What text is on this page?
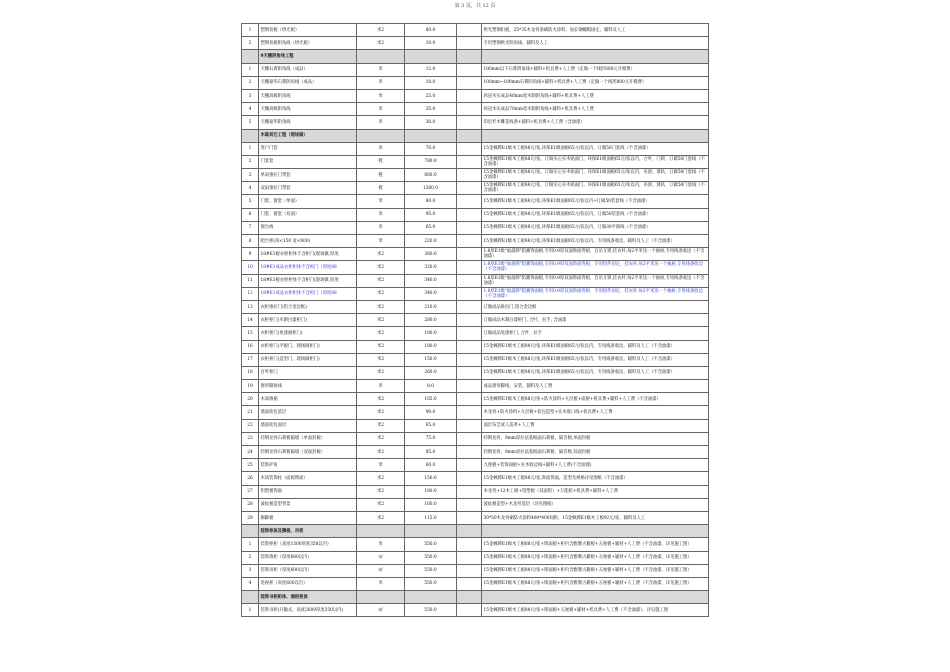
第 3 页，共 12 页
1	塑钢扣板（烘光板）	米2	80.0		烘光塑钢扣板，25*35木龙骨条刷防火涂料，加长钢螺帽固定，辅料及人工
2	塑钢扣板阴角线（烘光板）	米2	10.0		专用塑钢烘光阴角线、辅料及人工
	9天棚阴角线工程				
1	天棚石膏阴角线（成品）	米	12.0		100mm以下石膏阴角线+辅料+机具费+人工费（定做一个线形800元开模费）
2	天棚豪华石膏阴角线（成品）	米	18.0		100mm~180mm石膏阴角线+辅料+机具费+人工费（定做一个线形800元开模费）
3	天棚高级阴角线	米	25.0		鸡冠木实成品40mm宽木制阴角线+辅料+机具费+人工费
4	天棚高级阴角线	米	35.0		鸡冠木实成品70mm宽木制阴角线+辅料+机具费+人工费
5	天棚豪华阴角线	米	30.0		印尼杉木雕花线条+辅料+机具费+人工费（含油漆）
	木做其它工程（现场做）				
1	进户门套	米	70.0		15金枫牌E1级木工板88元/张,环保E1级面板65元/张以内，订做50门套线（不含油漆）
2	门套套	樘	780.0		15金枫牌E1级木工板88元/张，订做实心实木贴面门，环保E1级面板65元/张以内，合叶、门锁、订做50门套线（不含油漆）
3	单扇推拉门带套	樘	880.0		15金枫牌E1级木工板88元/张，订做实心实木贴面门，环保E1级面板65元/张以内，吊滑、滑轨、订做50门套线（不含油漆）
4	双扇推拉门带套	樘	1380.0		15金枫牌E1级木工板88元/张，订做实心实木贴面门，环保E1级面板65元/张以内，吊滑、滑轨、订做50门套线（不含油漆）
5	门套、窗套（单面）	米	80.0		15金枫牌E1级木工板88元/张,环保E1级面板65元/张以内+订做50装套线（不含油漆）
6	门套、窗套（双面）	米	95.0		15金枫牌E1级木工板88元/张,环保E1级面板65元/张以内，订做50装套线（不含油漆）
7	窗台线	米	65.0		15金枫牌E1级木工板88元/张,环保E1级面板65元/张以内，订做30平圆线（不含油漆）
8	吧台柜(高<150 宽<600)	米	220.0		15金枫牌E1级木工板88元/张,环保E1级面板65元/张以内，专用线条收边，辅料及人工（不含油漆）
9	18#E1板衣柜柜体不含柜门(现场做,厚度	米2	380.0		1.8厚E1级"福晟牌"防潮饰面板,专用0.9厚双面饰面背板，自吊互锁,挂衣杆,每2平米送一个抽屉,专用线条收边（不含油漆）
10	18#E1成品衣柜柜体不含柜门（厚度88	米2	320.0		1.8厚E1级"福晟牌"防潮饰面板,专用0.9厚双面饰面背板，专用铝件固定，挂衣杆,每2平米送一个抽屉,专用线条收边（不含油漆）
11	18#E1板衣柜柜体不含柜门(现场做,厚度	米2	340.0		1.8厚E1级"福晟牌"防潮饰面板,专用0.9厚双面饰面背板，自吊互锁,挂衣杆,每2平米送一个抽屉,专用线条收边（不含油漆）
12	18#E1成品衣柜柜体不含柜门（厚度88	米2	340.0		1.8厚E1级"福晟牌"防潮饰面板,专用0.9厚双面饰面背板，专用铝件固定，挂衣杆,每2平米送一个抽屉,专用线条收边（不含油漆）
13	衣柜推拉门(铝合金边框)	米2	210.0		订做成品推拉门,铝合金边框
14	衣柜柜门(木制白漆柜门)	米2	280.0		订做成品木制白漆柜门, 合叶、拉手, 含油漆
15	衣柜柜门(免漆板柜门)	米2	180.0		订做成品免漆柜门, 合叶、拉手
16	衣柜柜门(平板门，现场做柜门)	米2	180.0		15金枫牌E1级木工板88元/张,环保E1级面板65元/张以内，专用线条收边，辅料及人工（不含油漆）
17	衣柜柜门(造型门，现场做柜门)	米2	150.0		15金枫牌E1级木工板88元/张,环保E1级面板65元/张以内，专用线条收边，辅料及人工（不含油漆）
18	百叶柜门	米2	260.0		15金枫牌E1级木工板88元/张,环保E1级面板65元/张以内，专用线条收边，辅料及人工（不含油漆）
19	窗帘脚角线	米	8.0		成品窗帘脚线、安装、辅料及人工费
20	木质墙裙	米2	185.0		15金枫牌E1级木工板88元/张+防火涂料+九层板+面板+机具费+辅料+人工费（不含油漆）
21	墙面软包基层	米2	90.0		木龙骨+防火涂料+九层板+软包造型+实木收口线+机具费+人工费
22	墙面软包面层	米2	65.0		面层布艺或人造革+人工费
23	轻钢龙骨石膏板隔墙（单面封板）	米2	75.0		轻钢龙骨，9mm厚拉法基纸面石膏板，隔音棉,单面封板
24	轻钢龙骨石膏板隔墙（双面封板）	米2	85.0		轻钢龙骨，9mm厚拉法基纸面石膏板，隔音棉,双面封板
25	装饰护角	米	60.0		九厘板+装饰面板+实木收边线+辅料+人工费(不含油漆)
26	木质装饰柱（面板饰面）	米2	150.0		15金枫牌E1级木工板88元/张,饰面饰面，造型及规格详见图纸（不含油漆）
27	铝塑板饰面	米2	180.0		木龙骨+12木工板+铝塑板（双面铝）+万能胶+机具费+辅料+人工费
28	波纹板造型背景	米2	160.0		波纹板造型+木龙骨基层（详见图纸）
29	踢脚板	米2	115.0		30*50木龙骨刷防火涂料400*400间距，15金枫牌E1级木工板92元/张，辅料及人工
	装饰柜体及搁板、吊柜				
1	装饰柜柜（高度1300厚度350以内）	米	550.0		15金枫牌E1级木工板88元/张+饰面板+柜内含雅牌古籍板+五厘板+辅材+人工费（不含油漆，详见施工图）
2	装饰墙柜（厚度680以内）	㎡	550.0		15金枫牌E1级木工板88元/张+饰面板+柜内含雅牌古籍板+五厘板+辅材+人工费（不含油漆，详见施工图）
3	装饰吊柜（厚度600以内）	㎡	550.0		15金枫牌E1级木工板88元/张+饰面板+柜内含雅牌古籍板+五厘板+辅材+人工费（不含油漆，详见施工图）
4	电视柜（高度600以内）	米	550.0		15金枫牌E1级木工板88元/张+饰面板+柜内含雅牌古籍板+五厘板+辅材+人工费（不含油漆，详见施工图）
	装饰书柜柜体、酒柜柜体				
1	装饰书柜(开敞式，高度2600厚度350以内)	㎡	550.0		15金枫牌E1级木工板88元/张+饰面板+五厘板+辅材+机具费+人工费（不含油漆），详见施工图
